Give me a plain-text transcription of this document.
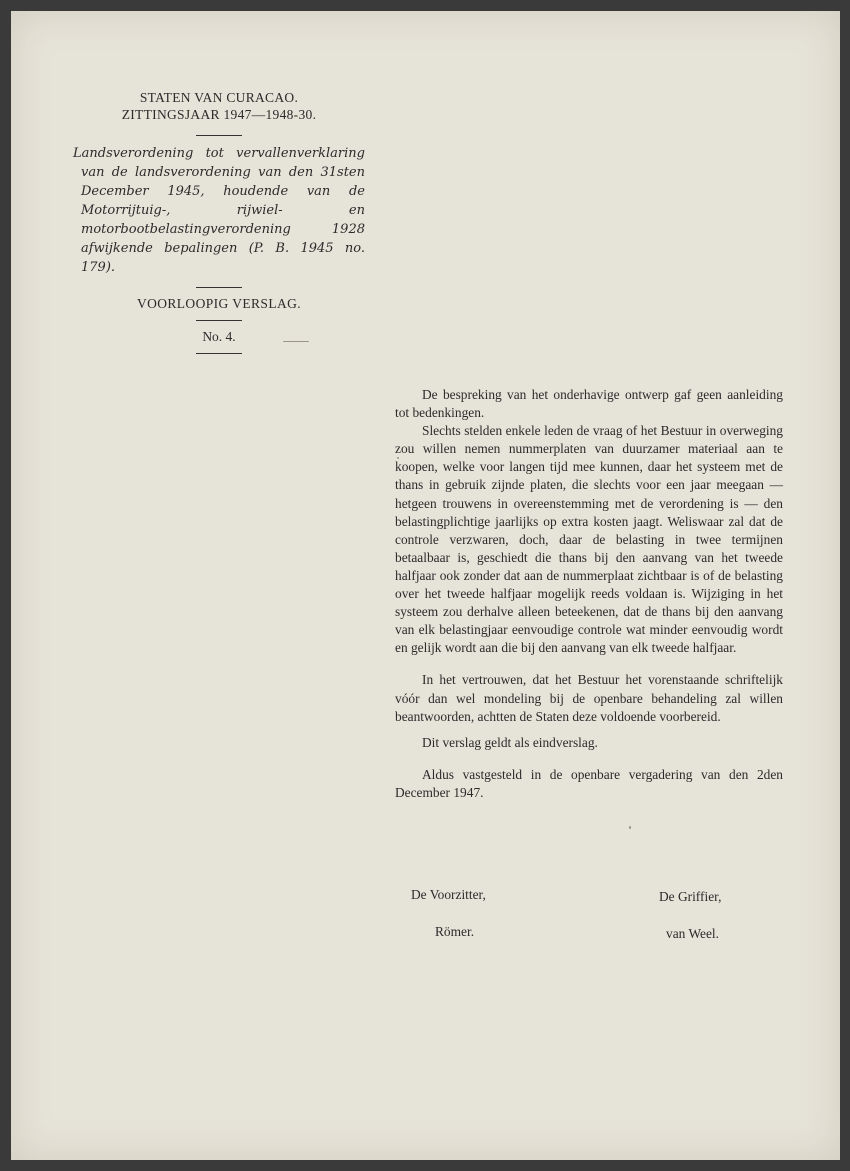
STATEN VAN CURACAO.
ZITTINGSJAAR 1947—1948-30.
Landsverordening tot vervallenverklaring van de landsverordening van den 31sten December 1945, houdende van de Motorrijtuig-, rijwiel- en motorbootbelastingverordening 1928 afwijkende bepalingen (P. B. 1945 no. 179).
VOORLOOPIG VERSLAG.
No. 4.

De bespreking van het onderhavige ontwerp gaf geen aanleiding tot bedenkingen.

Slechts stelden enkele leden de vraag of het Bestuur in overweging zou willen nemen nummerplaten van duurzamer materiaal aan te koopen, welke voor langen tijd mee kunnen, daar het systeem met de thans in gebruik zijnde platen, die slechts voor een jaar meegaan — hetgeen trouwens in overeenstemming met de verordening is — den belastingplichtige jaarlijks op extra kosten jaagt. Weliswaar zal dat de controle verzwaren, doch, daar de belasting in twee termijnen betaalbaar is, geschiedt die thans bij den aanvang van het tweede halfjaar ook zonder dat aan de nummerplaat zichtbaar is of de belasting over het tweede halfjaar mogelijk reeds voldaan is. Wijziging in het systeem zou derhalve alleen beteekenen, dat de thans bij den aanvang van elk belastingjaar eenvoudige controle wat minder eenvoudig wordt en gelijk wordt aan die bij den aanvang van elk tweede halfjaar.

In het vertrouwen, dat het Bestuur het vorenstaande schriftelijk vóór dan wel mondeling bij de openbare behandeling zal willen beantwoorden, achtten de Staten deze voldoende voorbereid.

Dit verslag geldt als eindverslag.

Aldus vastgesteld in de openbare vergadering van den 2den December 1947.

De Voorzitter,	De Griffier,
Römer.	van Weel.
